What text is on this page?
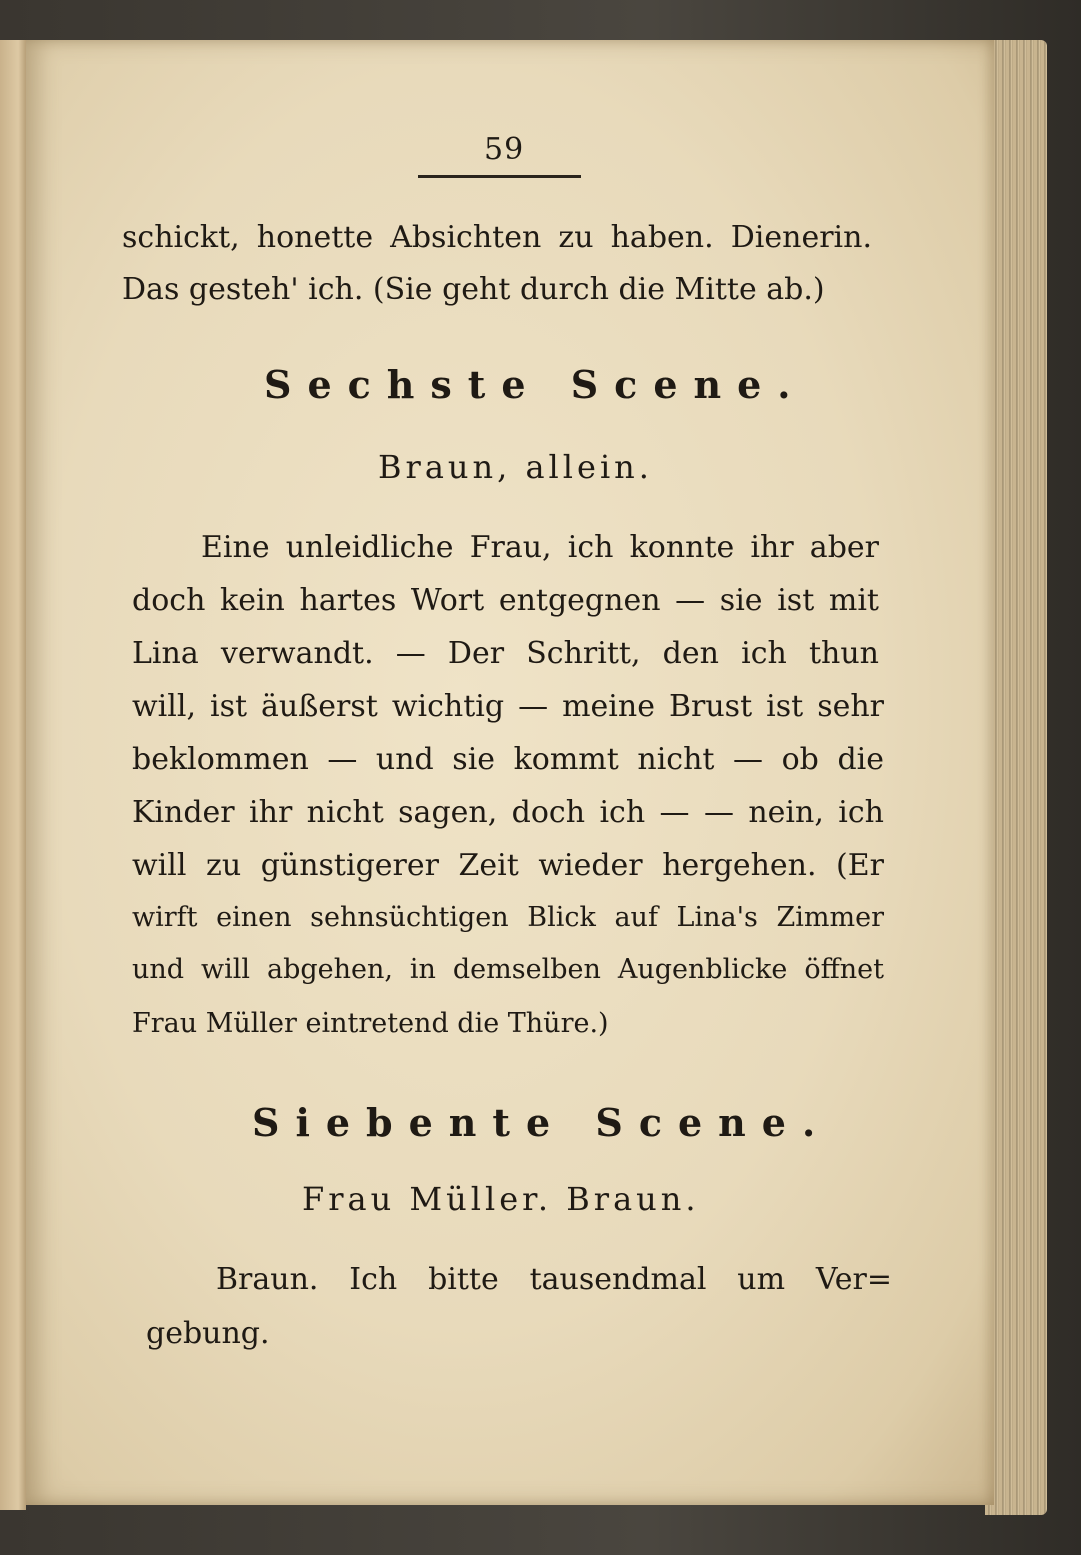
59
schickt, honette Absichten zu haben. Dienerin.
Das gesteh' ich. (Sie geht durch die Mitte ab.)
Sechste Scene.
Braun, allein.
Eine unleidliche Frau, ich konnte ihr aber
doch kein hartes Wort entgegnen — sie ist mit
Lina verwandt. — Der Schritt, den ich thun
will, ist äußerst wichtig — meine Brust ist sehr
beklommen — und sie kommt nicht — ob die
Kinder ihr nicht sagen, doch ich — — nein, ich
will zu günstigerer Zeit wieder hergehen. (Er
wirft einen sehnsüchtigen Blick auf Lina's Zimmer
und will abgehen, in demselben Augenblicke öffnet
Frau Müller eintretend die Thüre.)
Siebente Scene.
Frau Müller. Braun.
Braun. Ich bitte tausendmal um Ver=
gebung.
